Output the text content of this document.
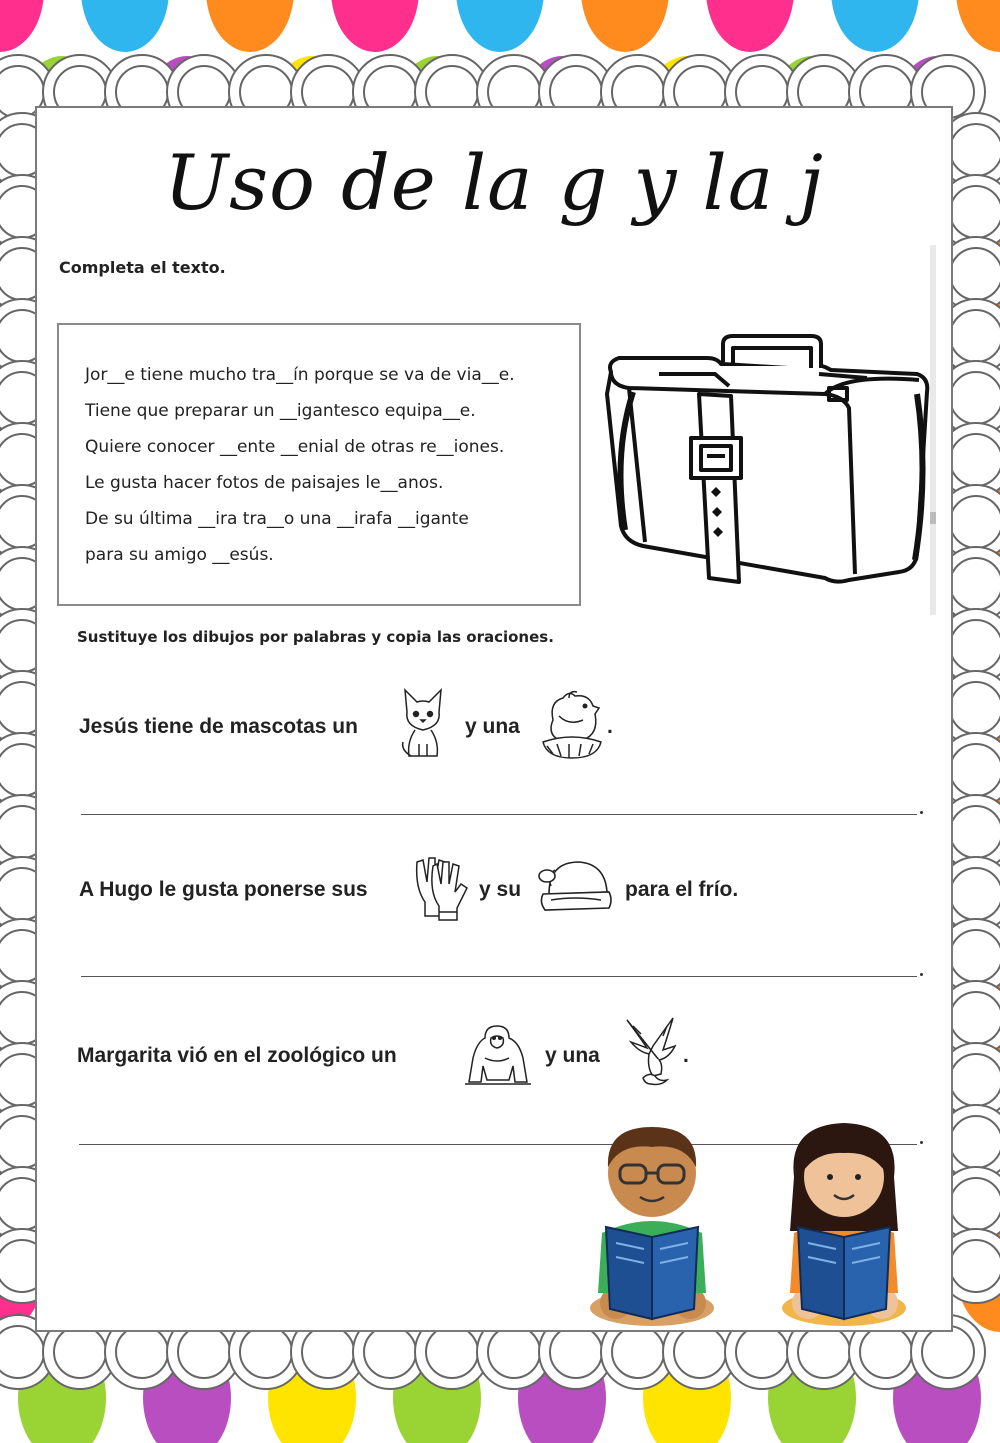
Uso de la g y la j
Completa el texto.
Jor__e tiene mucho tra__ín porque se va de via__e.
Tiene que preparar un __igantesco equipa__e.
Quiere conocer __ente __enial de otras re__iones.
Le gusta hacer fotos de paisajes le__anos.
De su última __ira tra__o una __irafa __igante
para su amigo __esús.
Sustituye los dibujos por palabras y copia las oraciones.
Jesús tiene de mascotas un	y una	.
A Hugo le gusta ponerse sus	y su	para el frío.
Margarita vió en el zoológico un	y una	.
